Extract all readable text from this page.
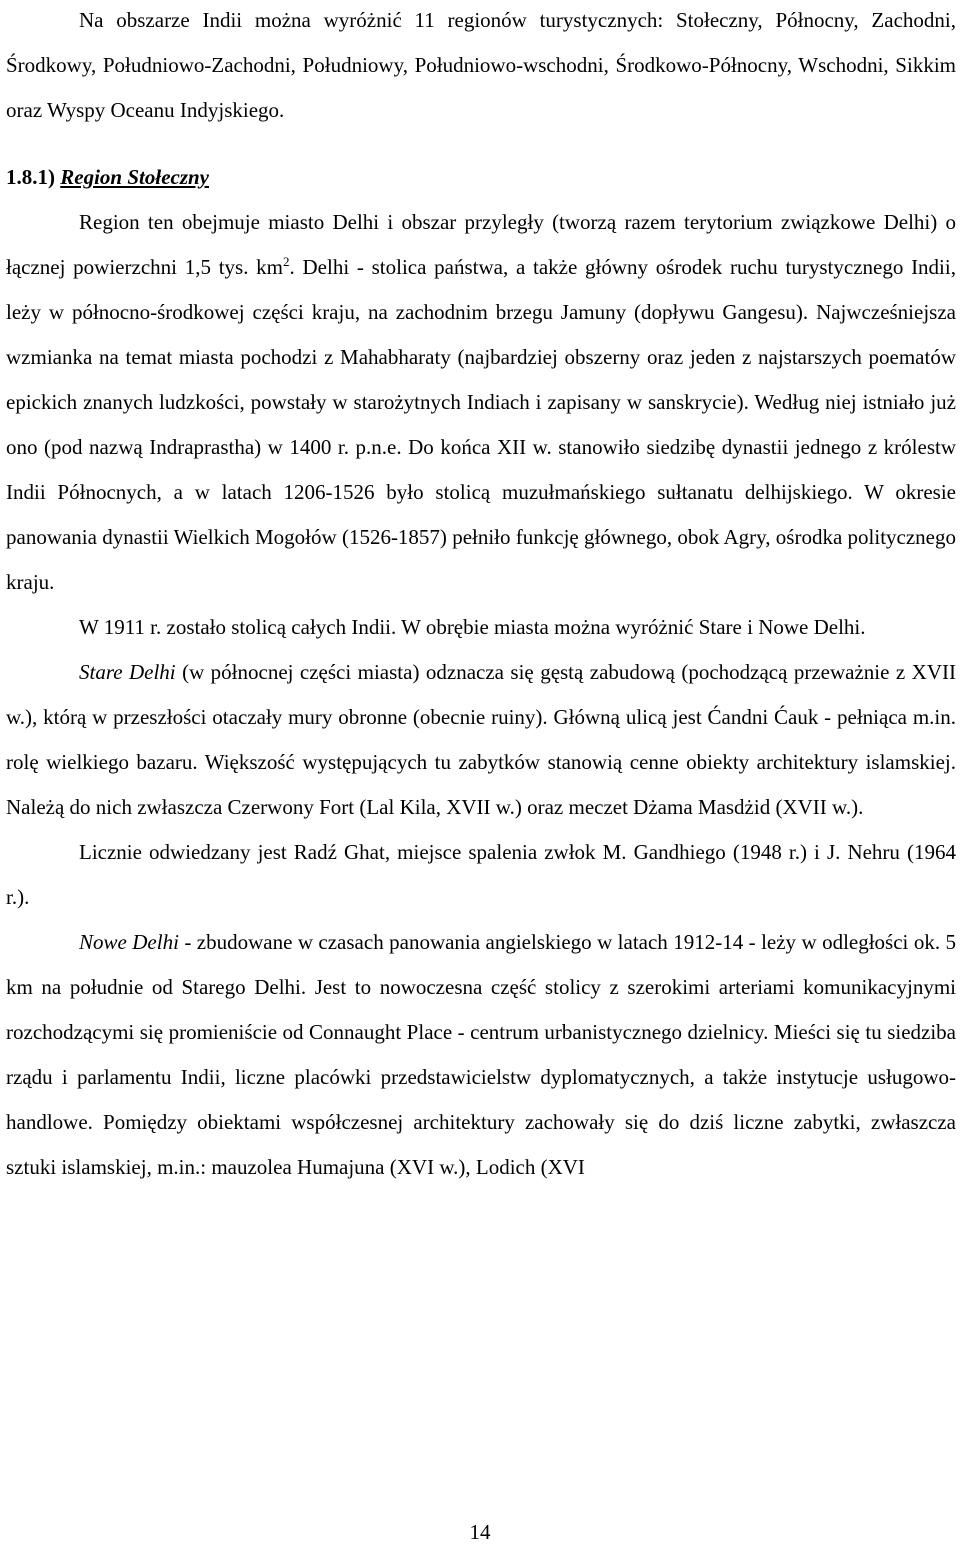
Na obszarze Indii można wyróżnić 11 regionów turystycznych: Stołeczny, Północny, Zachodni, Środkowy, Południowo-Zachodni, Południowy, Południowo-wschodni, Środkowo-Północny, Wschodni, Sikkim oraz Wyspy Oceanu Indyjskiego.

1.8.1) Region Stołeczny

Region ten obejmuje miasto Delhi i obszar przyległy (tworzą razem terytorium związkowe Delhi) o łącznej powierzchni 1,5 tys. $km^2$. Delhi - stolica państwa, a także główny ośrodek ruchu turystycznego Indii, leży w północno-środkowej części kraju, na zachodnim brzegu Jamuny (dopływu Gangesu). Najwcześniejsza wzmianka na temat miasta pochodzi z Mahabharaty (najbardziej obszerny oraz jeden z najstarszych poematów epickich znanych ludzkości, powstały w starożytnych Indiach i zapisany w sanskrycie). Według niej istniało już ono (pod nazwą Indraprastha) w 1400 r. p.n.e. Do końca XII w. stanowiło siedzibę dynastii jednego z królestw Indii Północnych, a w latach 1206-1526 było stolicą muzułmańskiego sułtanatu delhijskiego. W okresie panowania dynastii Wielkich Mogołów (1526-1857) pełniło funkcję głównego, obok Agry, ośrodka politycznego kraju.

W 1911 r. zostało stolicą całych Indii. W obrębie miasta można wyróżnić Stare i Nowe Delhi.

Stare Delhi (w północnej części miasta) odznacza się gęstą zabudową (pochodzącą przeważnie z XVII w.), którą w przeszłości otaczały mury obronne (obecnie ruiny). Główną ulicą jest Ćandni Ćauk - pełniąca m.in. rolę wielkiego bazaru. Większość występujących tu zabytków stanowią cenne obiekty architektury islamskiej. Należą do nich zwłaszcza Czerwony Fort (Lal Kila, XVII w.) oraz meczet Dżama Masdżid (XVII w.).

Licznie odwiedzany jest Radź Ghat, miejsce spalenia zwłok M. Gandhiego (1948 r.) i J. Nehru (1964 r.).

Nowe Delhi - zbudowane w czasach panowania angielskiego w latach 1912-14 - leży w odległości ok. 5 km na południe od Starego Delhi. Jest to nowoczesna część stolicy z szerokimi arteriami komunikacyjnymi rozchodzącymi się promieniście od Connaught Place - centrum urbanistycznego dzielnicy. Mieści się tu siedziba rządu i parlamentu Indii, liczne placówki przedstawicielstw dyplomatycznych, a także instytucje usługowo-handlowe. Pomiędzy obiektami współczesnej architektury zachowały się do dziś liczne zabytki, zwłaszcza sztuki islamskiej, m.in.: mauzolea Humajuna (XVI w.), Lodich (XVI

14
